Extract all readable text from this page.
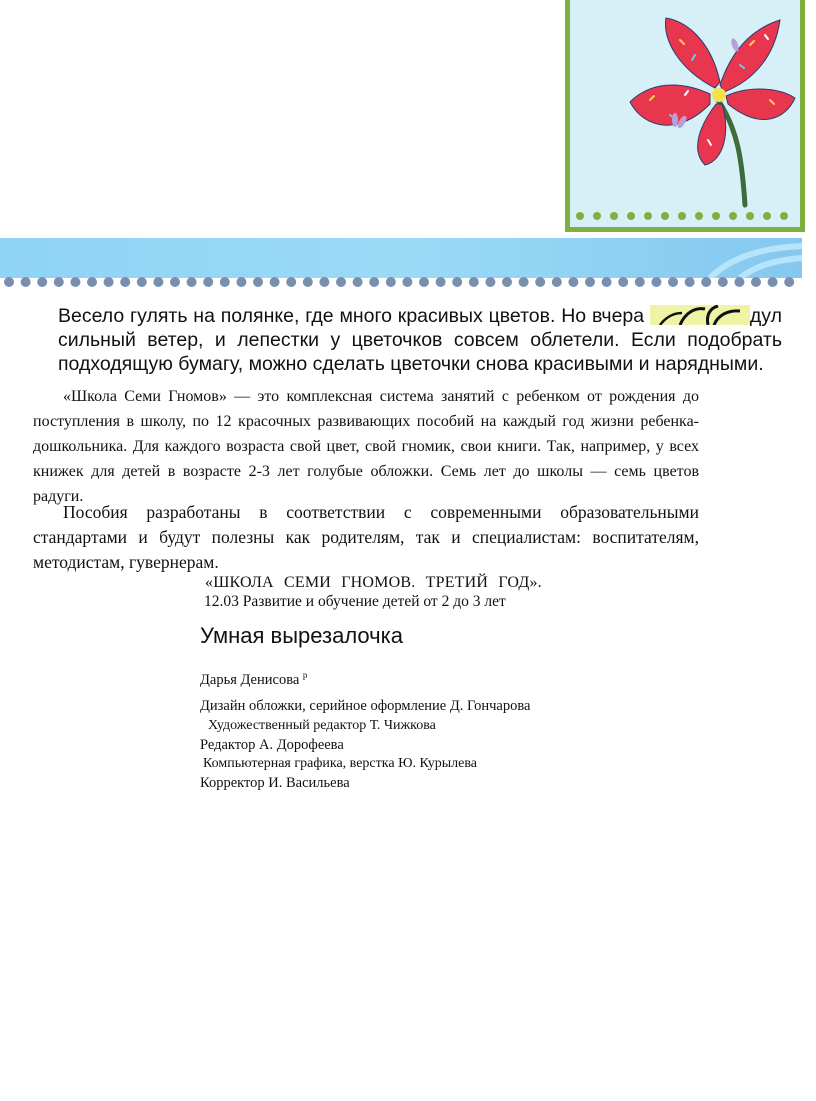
Весело гулять на полянке, где много красивых цветов. Но вчера	дул сильный ветер, и лепестки у цветочков совсем облетели. Если подобрать подходящую бумагу, можно сделать цветочки снова красивыми и нарядными.

«Школа Семи Гномов» — это комплексная система занятий с ребенком от рождения до поступления в школу, по 12 красочных развивающих пособий на каждый год жизни ребенка-дошкольника. Для каждого возраста свой цвет, свой гномик, свои книги. Так, например, у всех книжек для детей в возрасте 2-3 лет голубые обложки. Семь лет до школы — семь цветов радуги.

Пособия разработаны в соответствии с современными образовательными стандартами и будут полезны как родителям, так и специалистам: воспитателям, методистам, гувернерам.

«ШКОЛА СЕМИ ГНОМОВ. ТРЕТИЙ ГОД».
12.03 Развитие и обучение детей от 2 до 3 лет
Умная вырезалочка
Дарья Денисова $^р$
Дизайн обложки, серийное оформление Д. Гончарова
Художественный редактор Т. Чижкова
Редактор А. Дорофеева
Компьютерная графика, верстка Ю. Курылева
Корректор И. Васильева
